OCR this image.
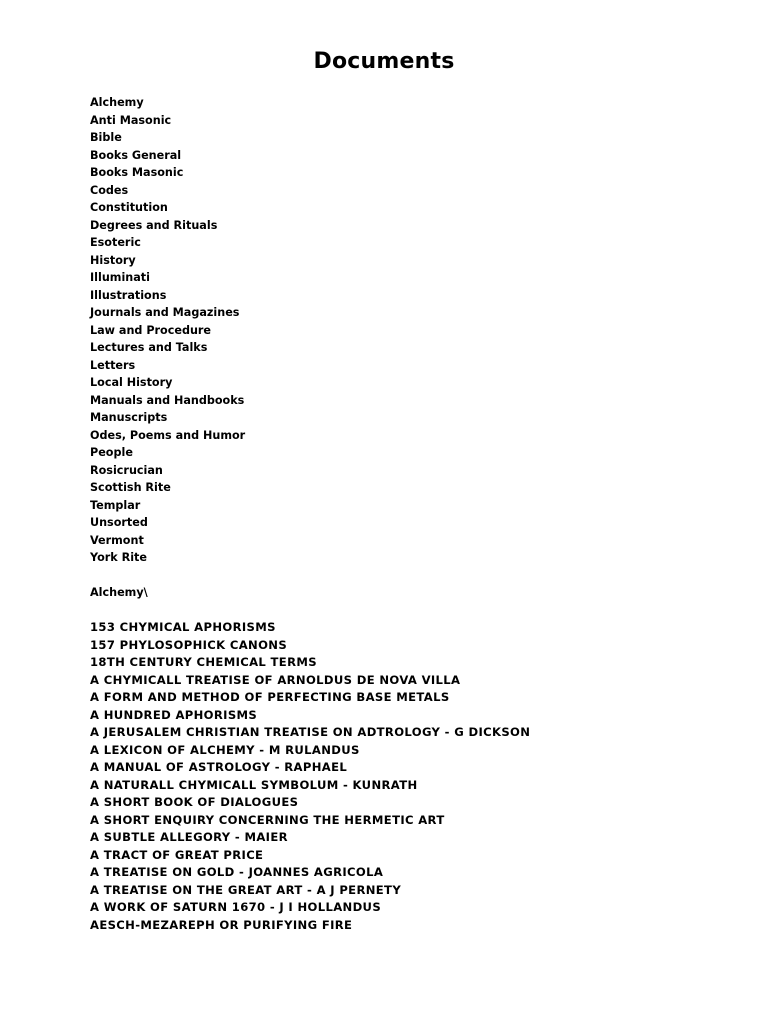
Documents
Alchemy
Anti Masonic
Bible
Books General
Books Masonic
Codes
Constitution
Degrees and Rituals
Esoteric
History
Illuminati
Illustrations
Journals and Magazines
Law and Procedure
Lectures and Talks
Letters
Local History
Manuals and Handbooks
Manuscripts
Odes, Poems and Humor
People
Rosicrucian
Scottish Rite
Templar
Unsorted
Vermont
York Rite

Alchemy\

153 CHYMICAL APHORISMS
157 PHYLOSOPHICK CANONS
18TH CENTURY CHEMICAL TERMS
A CHYMICALL TREATISE OF ARNOLDUS DE NOVA VILLA
A FORM AND METHOD OF PERFECTING BASE METALS
A HUNDRED APHORISMS
A JERUSALEM CHRISTIAN TREATISE ON ADTROLOGY - G DICKSON
A LEXICON OF ALCHEMY - M RULANDUS
A MANUAL OF ASTROLOGY - RAPHAEL
A NATURALL CHYMICALL SYMBOLUM - KUNRATH
A SHORT BOOK OF DIALOGUES
A SHORT ENQUIRY CONCERNING THE HERMETIC ART
A SUBTLE ALLEGORY - MAIER
A TRACT OF GREAT PRICE
A TREATISE ON GOLD - JOANNES AGRICOLA
A TREATISE ON THE GREAT ART - A J PERNETY
A WORK OF SATURN 1670 - J I HOLLANDUS
AESCH-MEZAREPH OR PURIFYING FIRE
